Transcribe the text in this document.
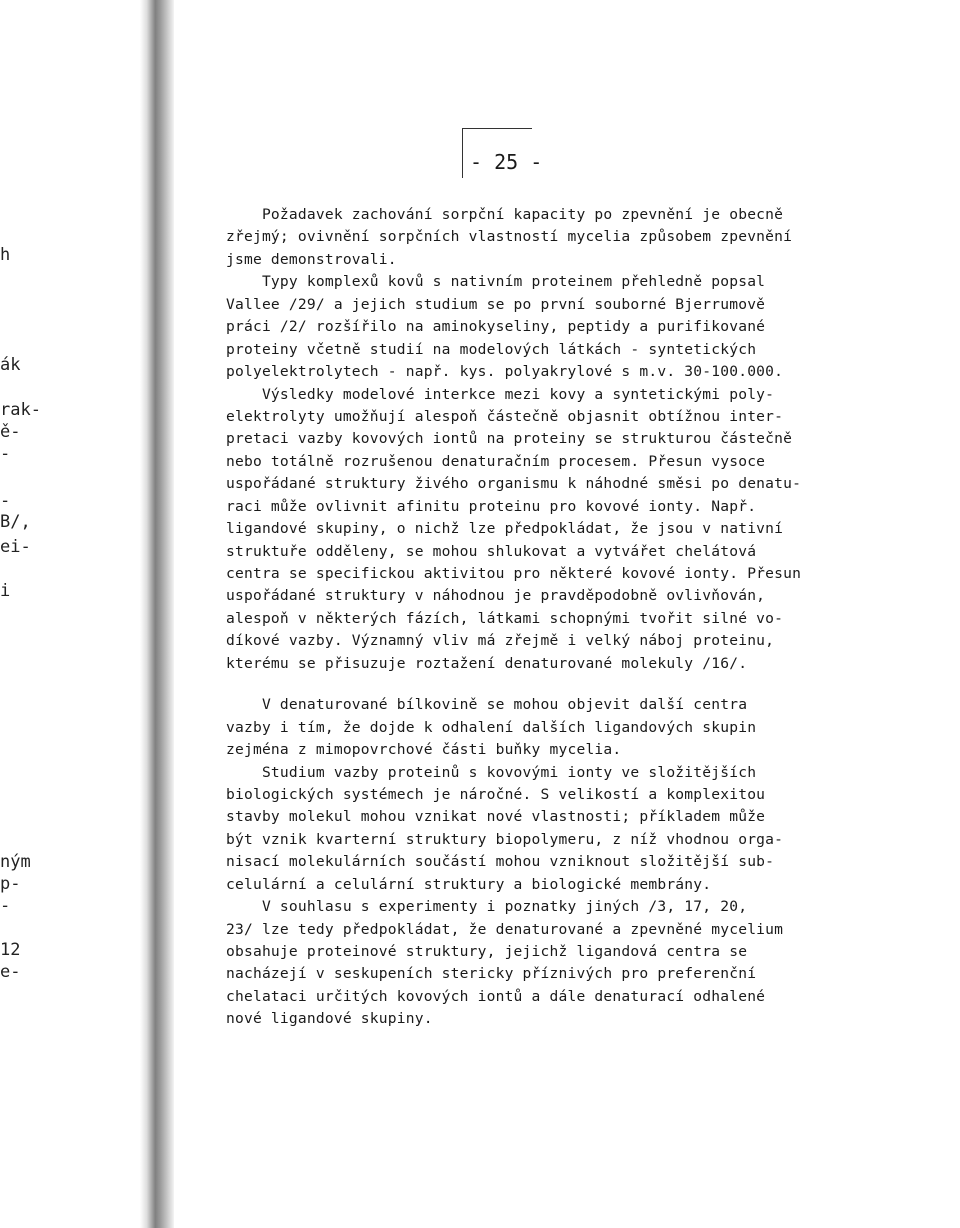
h
ák
rak-
ě-
-
-
B/,
ei-
i
ným
p-
-
12
e-
- 25 -
Požadavek zachování sorpční kapacity po zpevnění je obecně
zřejmý; ovivnění sorpčních vlastností mycelia způsobem zpevnění
jsme demonstrovali.
Typy komplexů kovů s nativním proteinem přehledně popsal
Vallee /29/ a jejich studium se po první souborné Bjerrumově
práci /2/ rozšířilo na aminokyseliny, peptidy a purifikované
proteiny včetně studií na modelových látkách - syntetických
polyelektrolytech - např. kys. polyakrylové s m.v. 30-100.000.
Výsledky modelové interkce mezi kovy a syntetickými poly-
elektrolyty umožňují alespoň částečně objasnit obtížnou inter-
pretaci vazby kovových iontů na proteiny se strukturou částečně
nebo totálně rozrušenou denaturačním procesem. Přesun vysoce
uspořádané struktury živého organismu k náhodné směsi po denatu-
raci může ovlivnit afinitu proteinu pro kovové ionty. Např.
ligandové skupiny, o nichž lze předpokládat, že jsou v nativní
struktuře odděleny, se mohou shlukovat a vytvářet chelátová
centra se specifickou aktivitou pro některé kovové ionty. Přesun
uspořádané struktury v náhodnou je pravděpodobně ovlivňován,
alespoň v některých fázích, látkami schopnými tvořit silné vo-
díkové vazby. Významný vliv má zřejmě i velký náboj proteinu,
kterému se přisuzuje roztažení denaturované molekuly /16/.
V denaturované bílkovině se mohou objevit další centra
vazby i tím, že dojde k odhalení dalších ligandových skupin
zejména z mimopovrchové části buňky mycelia.
Studium vazby proteinů s kovovými ionty ve složitějších
biologických systémech je náročné. S velikostí a komplexitou
stavby molekul mohou vznikat nové vlastnosti; příkladem může
být vznik kvarterní struktury biopolymeru, z níž vhodnou orga-
nisací molekulárních součástí mohou vzniknout složitější sub-
celulární a celulární struktury a biologické membrány.
V souhlasu s experimenty i poznatky jiných /3, 17, 20,
23/ lze tedy předpokládat, že denaturované a zpevněné mycelium
obsahuje proteinové struktury, jejichž ligandová centra se
nacházejí v seskupeních stericky příznivých pro preferenční
chelataci určitých kovových iontů a dále denaturací odhalené
nové ligandové skupiny.
